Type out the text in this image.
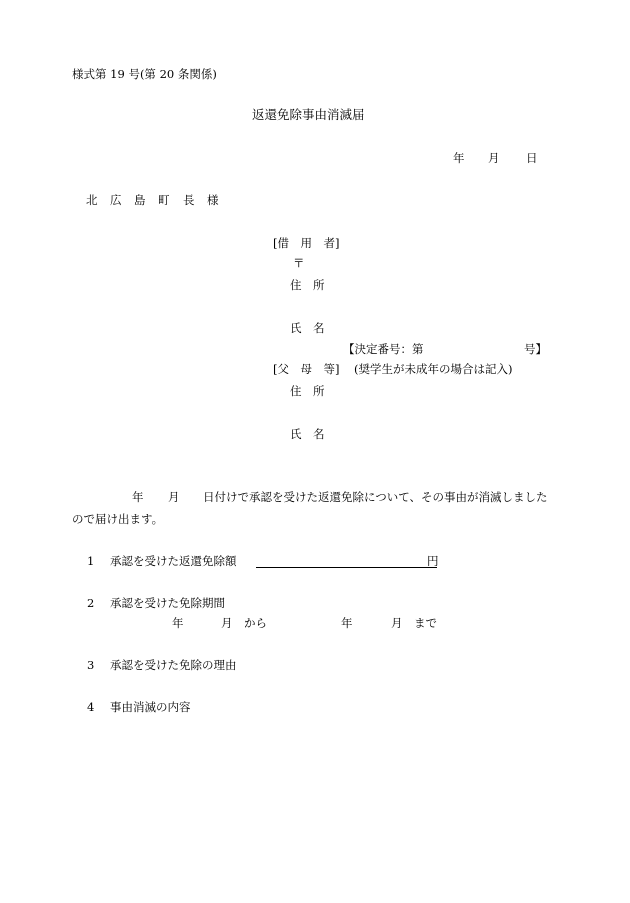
様式第 19 号(第 20 条関係)
返還免除事由消滅届
年 月 日
北 広 島 町 長 様
[借　用　者]
〒
住　所
氏　名
【決定番号：第	号】
[父　母　等] (奨学生が未成年の場合は記入)
住　所
氏　名
年 月 日付けで承認を受けた返還免除について、その事由が消滅しました
ので届け出ます。
1 承認を受けた返還免除額	円
2 承認を受けた免除期間
年	月 から	年	月 まで
3 承認を受けた免除の理由
4 事由消滅の内容
